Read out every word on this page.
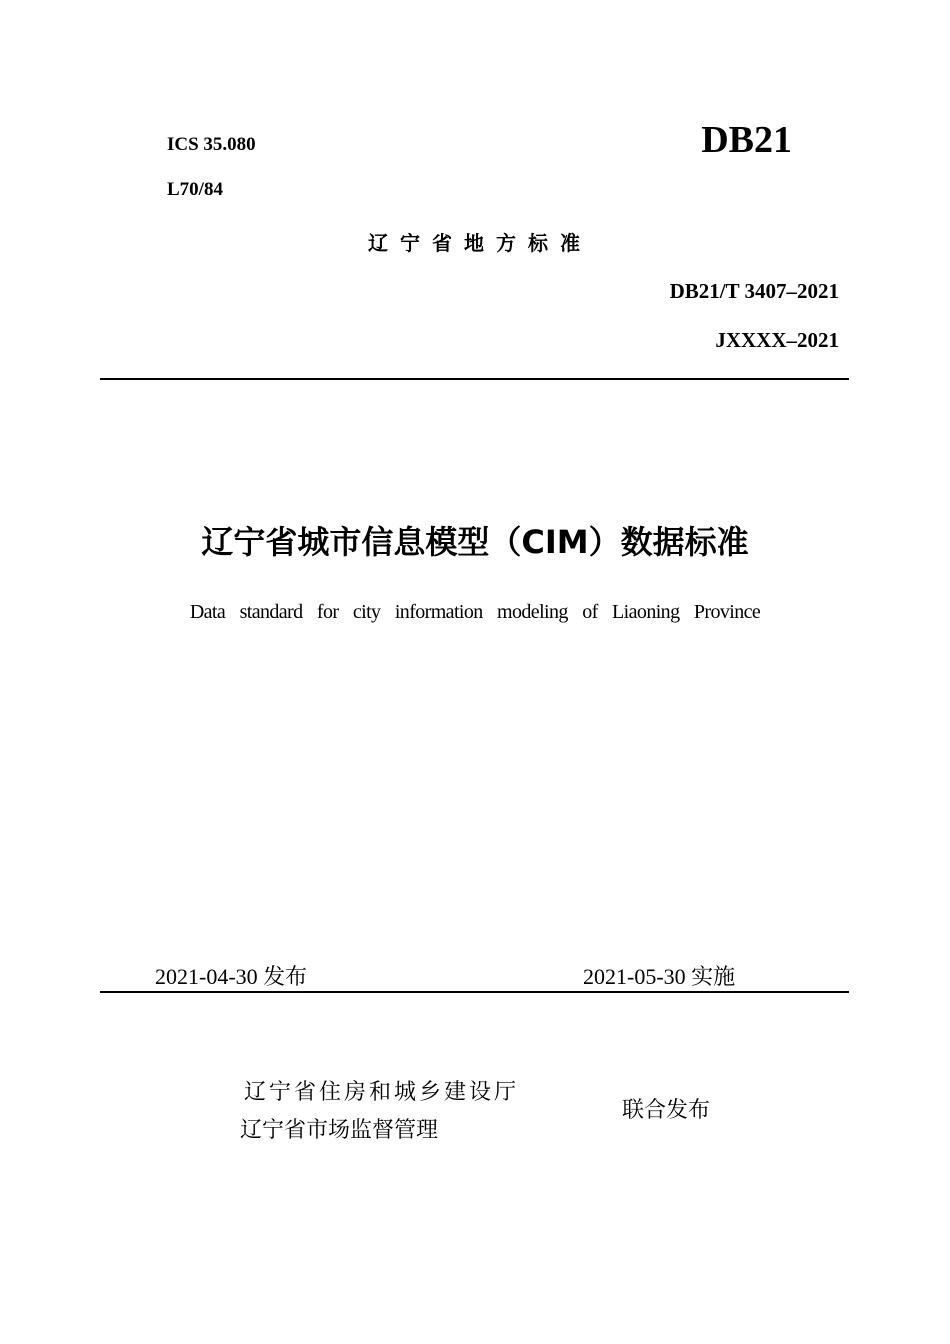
ICS 35.080
L70/84
DB21
辽宁省地方标准
DB21/T 3407–2021
JXXXX–2021
辽宁省城市信息模型（CIM）数据标准
Data standard for city information modeling of Liaoning Province
2021-04-30 发布	2021-05-30 实施
辽宁省住房和城乡建设厅
辽宁省市场监督管理
联合发布
